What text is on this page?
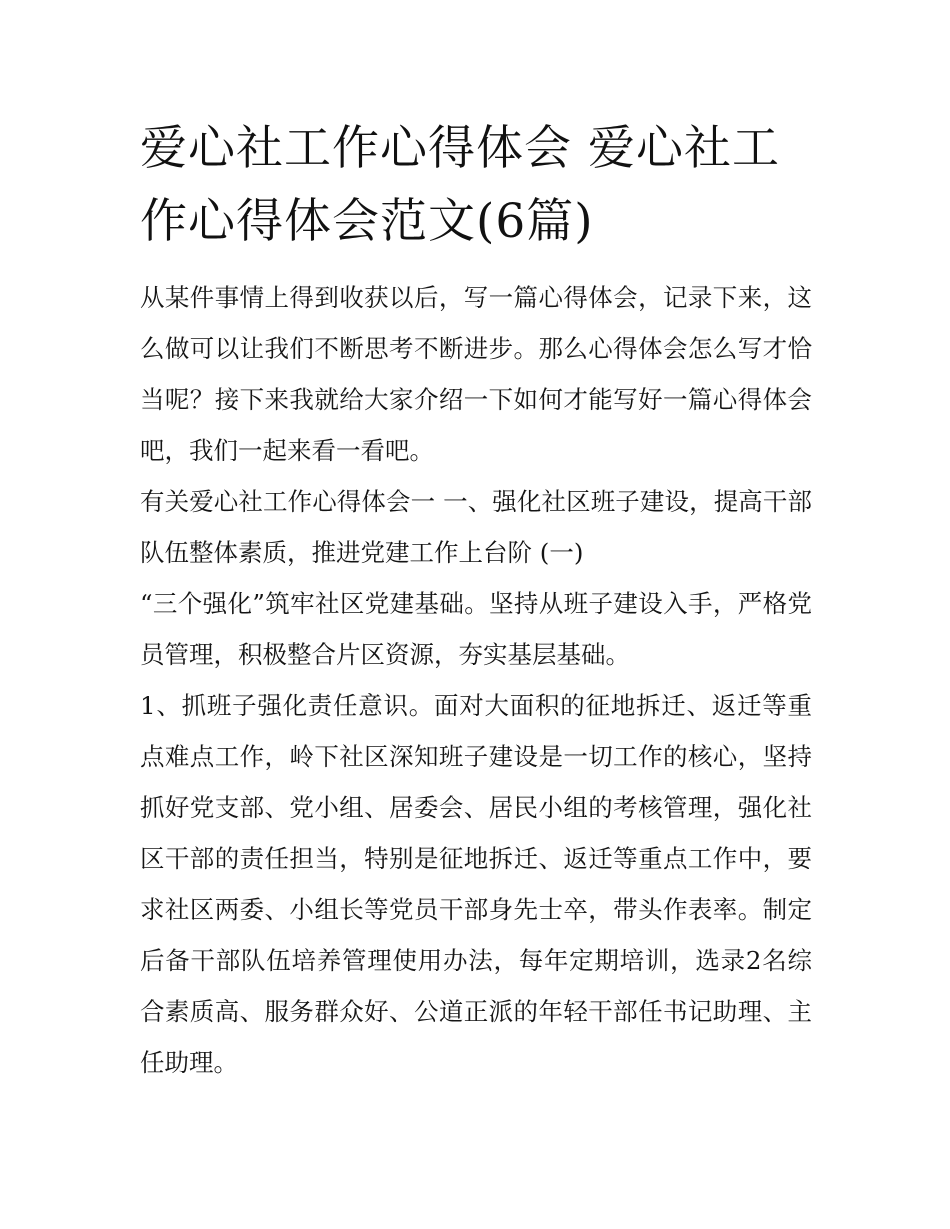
爱心社工作心得体会 爱心社工作心得体会范文(6篇)

从某件事情上得到收获以后，写一篇心得体会，记录下来，这么做可以让我们不断思考不断进步。那么心得体会怎么写才恰当呢？接下来我就给大家介绍一下如何才能写好一篇心得体会吧，我们一起来看一看吧。

有关爱心社工作心得体会一 一、强化社区班子建设，提高干部队伍整体素质，推进党建工作上台阶 (一)

“三个强化”筑牢社区党建基础。坚持从班子建设入手，严格党员管理，积极整合片区资源，夯实基层基础。

1、抓班子强化责任意识。面对大面积的征地拆迁、返迁等重点难点工作，岭下社区深知班子建设是一切工作的核心，坚持抓好党支部、党小组、居委会、居民小组的考核管理，强化社区干部的责任担当，特别是征地拆迁、返迁等重点工作中，要求社区两委、小组长等党员干部身先士卒，带头作表率。制定后备干部队伍培养管理使用办法，每年定期培训，选录2名综合素质高、服务群众好、公道正派的年轻干部任书记助理、主任助理。
